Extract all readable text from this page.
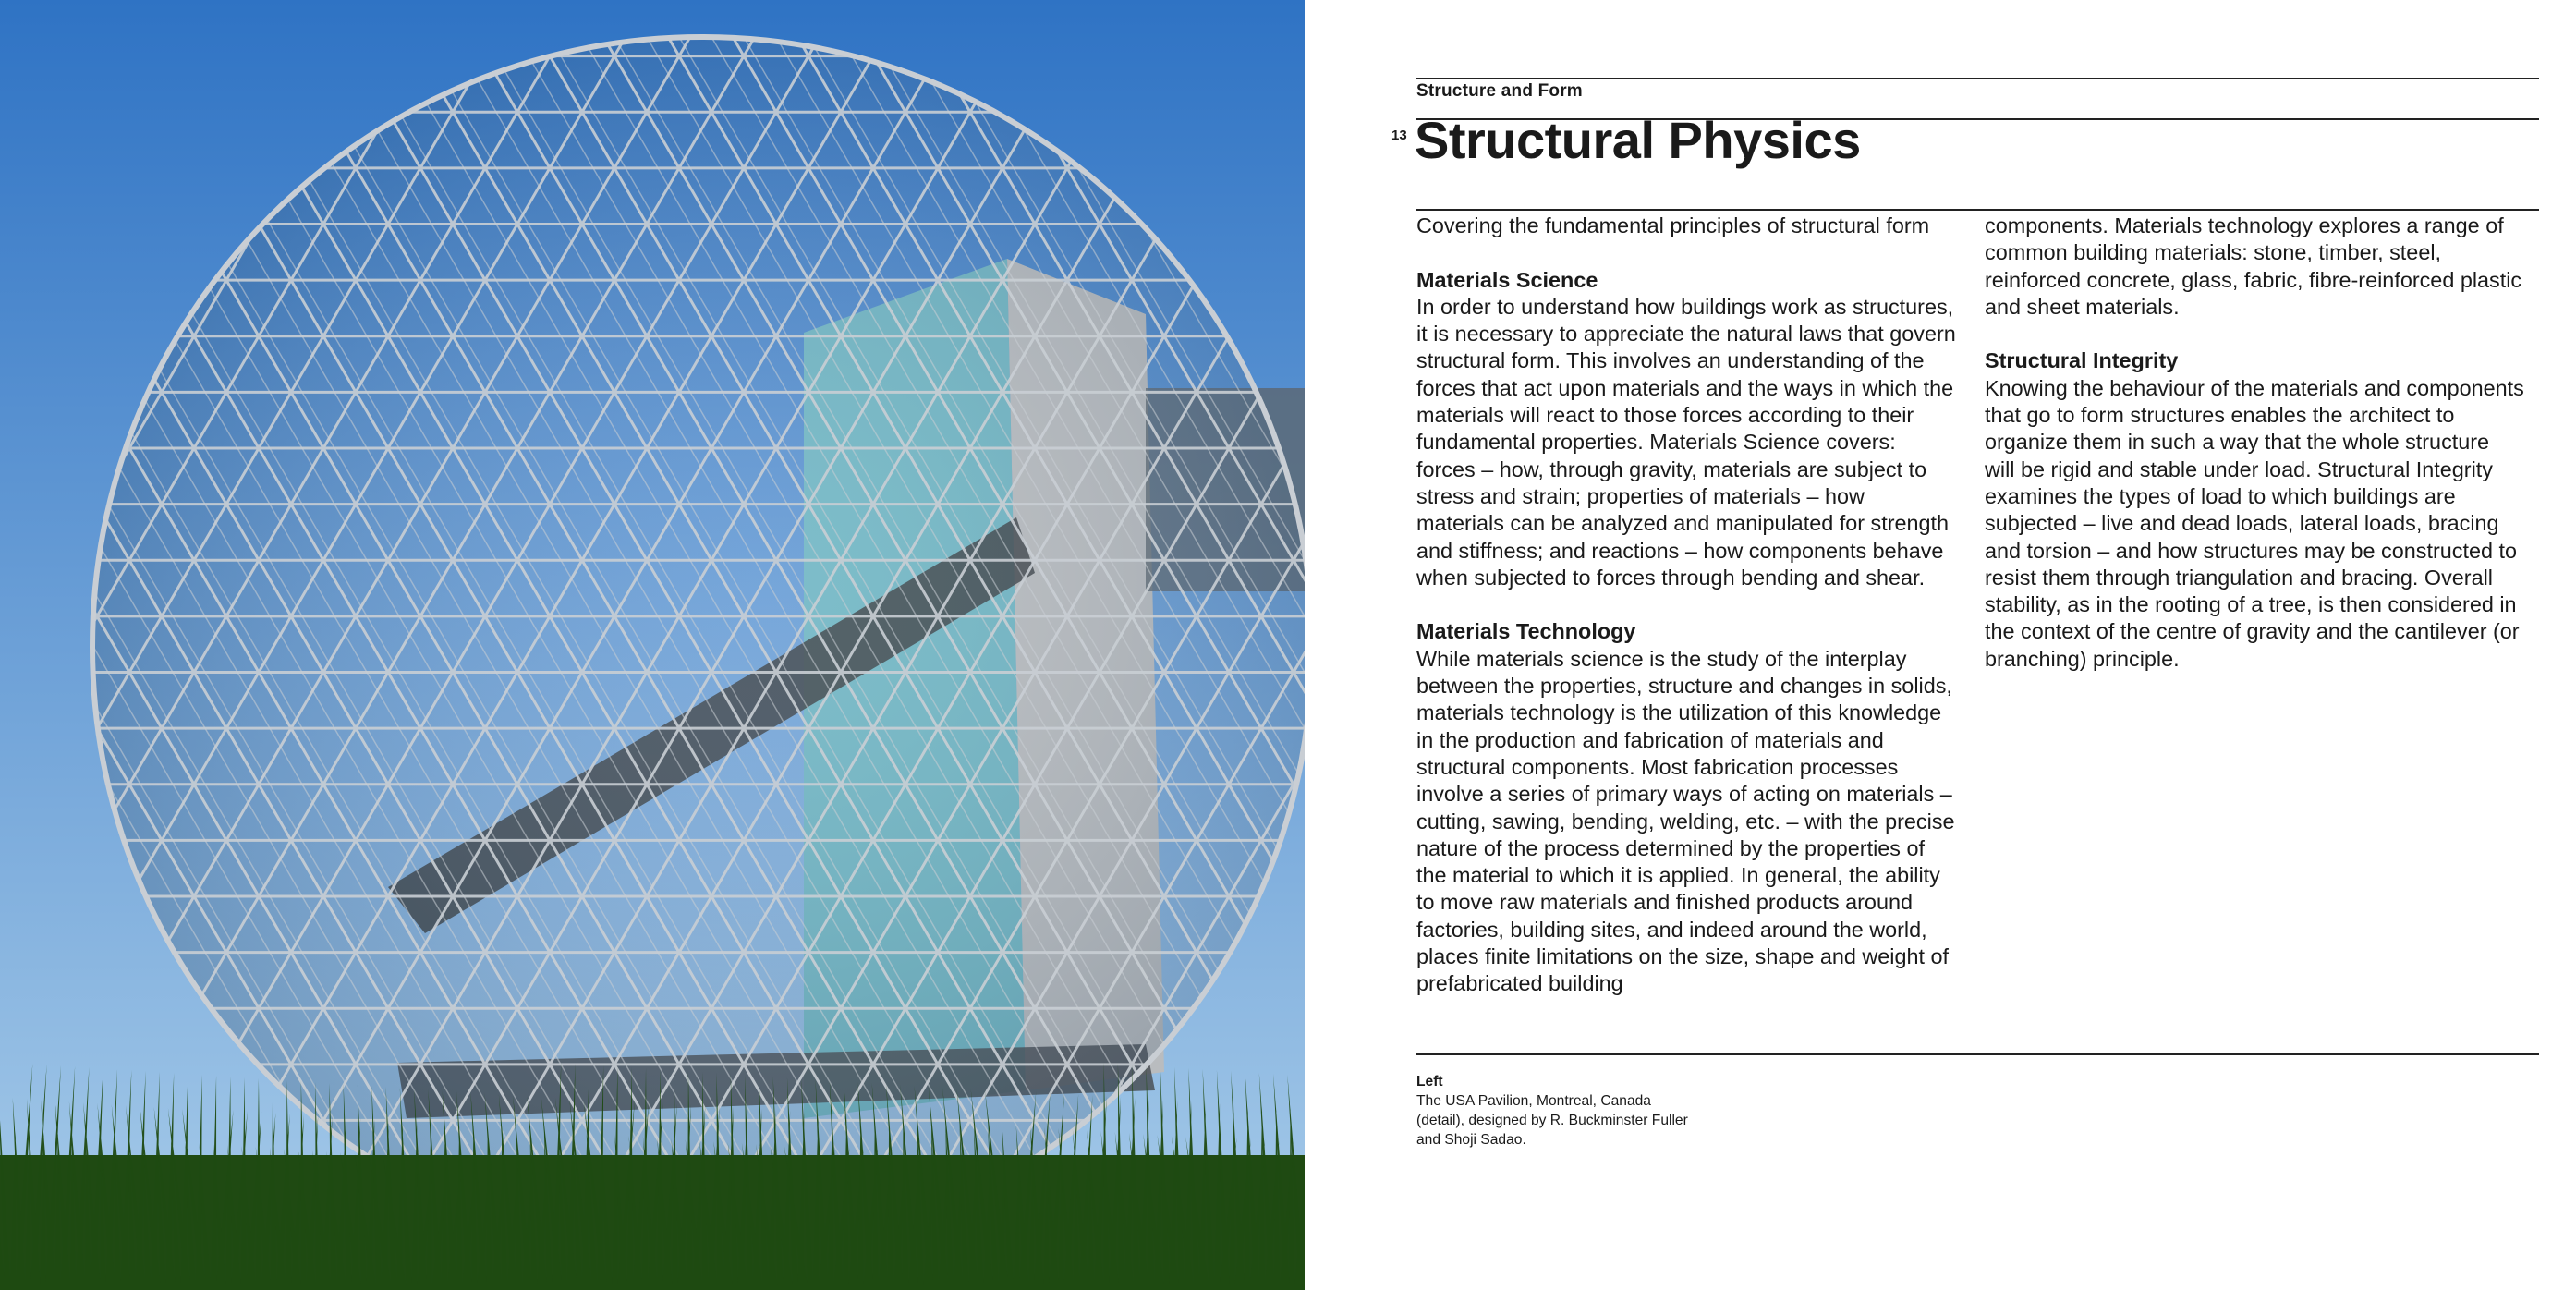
Structure and Form
13 Structural Physics

Covering the fundamental principles of structural form

Materials Science

In order to understand how buildings work as structures, it is necessary to appreciate the natural laws that govern structural form. This involves an understanding of the forces that act upon materials and the ways in which the materials will react to those forces according to their fundamental properties. Materials Science covers: forces – how, through gravity, materials are subject to stress and strain; properties of materials – how materials can be analyzed and manipulated for strength and stiffness; and reactions – how components behave when subjected to forces through bending and shear.

Materials Technology

While materials science is the study of the interplay between the properties, structure and changes in solids, materials technology is the utilization of this knowledge in the production and fabrication of materials and structural components. Most fabrication processes involve a series of primary ways of acting on materials – cutting, sawing, bending, welding, etc. – with the precise nature of the process determined by the properties of the material to which it is applied. In general, the ability to move raw materials and finished products around factories, building sites, and indeed around the world, places finite limitations on the size, shape and weight of prefabricated building

components. Materials technology explores a range of common building materials: stone, timber, steel, reinforced concrete, glass, fabric, fibre-reinforced plastic and sheet materials.

Structural Integrity

Knowing the behaviour of the materials and components that go to form structures enables the architect to organize them in such a way that the whole structure will be rigid and stable under load. Structural Integrity examines the types of load to which buildings are subjected – live and dead loads, lateral loads, bracing and torsion – and how structures may be constructed to resist them through triangulation and bracing. Overall stability, as in the rooting of a tree, is then considered in the context of the centre of gravity and the cantilever (or branching) principle.

Left

The USA Pavilion, Montreal, Canada (detail), designed by R. Buckminster Fuller and Shoji Sadao.
